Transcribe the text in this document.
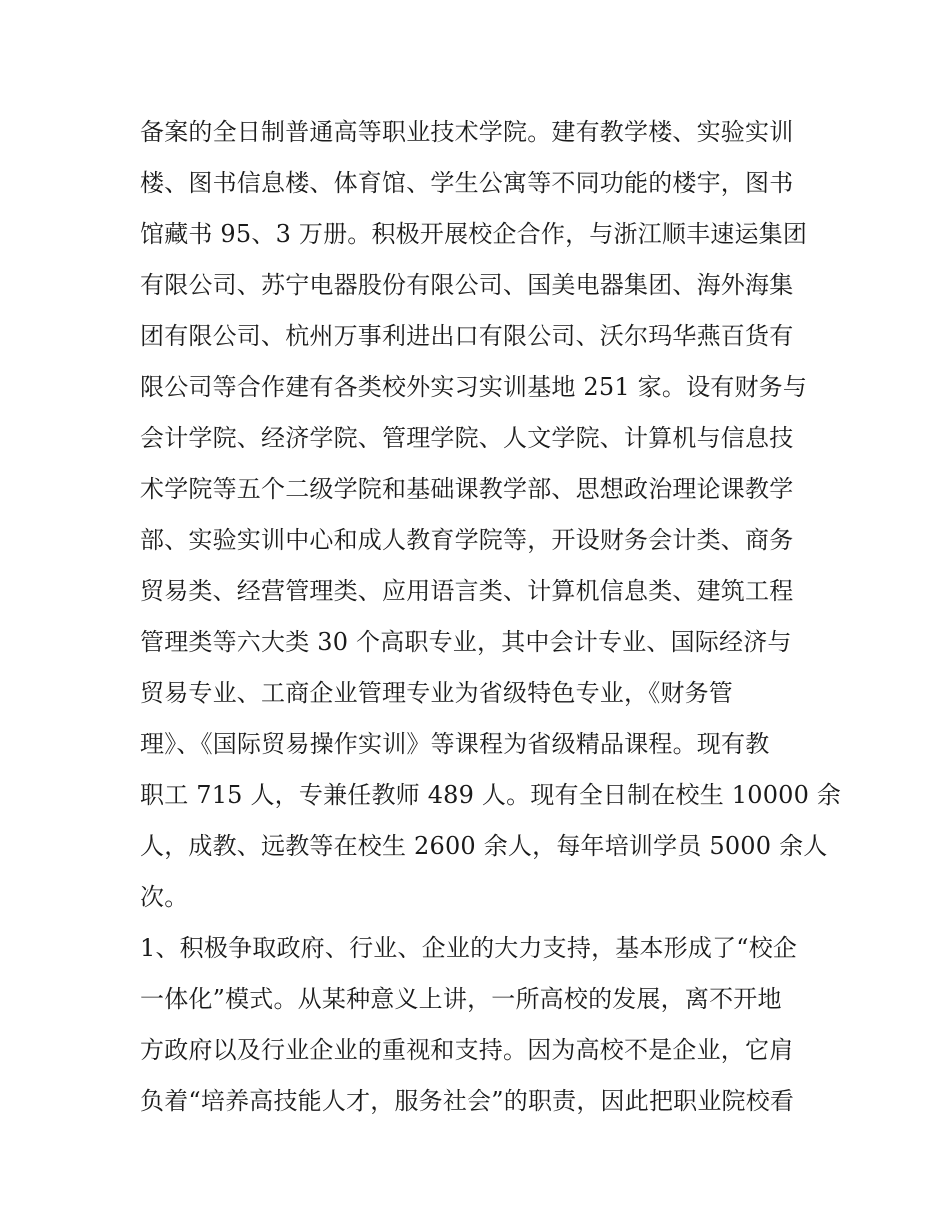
备案的全日制普通高等职业技术学院。建有教学楼、实验实训
楼、图书信息楼、体育馆、学生公寓等不同功能的楼宇，图书
馆藏书 95、3 万册。积极开展校企合作，与浙江顺丰速运集团
有限公司、苏宁电器股份有限公司、国美电器集团、海外海集
团有限公司、杭州万事利进出口有限公司、沃尔玛华燕百货有
限公司等合作建有各类校外实习实训基地 251 家。设有财务与
会计学院、经济学院、管理学院、人文学院、计算机与信息技
术学院等五个二级学院和基础课教学部、思想政治理论课教学
部、实验实训中心和成人教育学院等，开设财务会计类、商务
贸易类、经营管理类、应用语言类、计算机信息类、建筑工程
管理类等六大类 30 个高职专业，其中会计专业、国际经济与
贸易专业、工商企业管理专业为省级特色专业，《财务管
理》、《国际贸易操作实训》等课程为省级精品课程。现有教
职工 715 人，专兼任教师 489 人。现有全日制在校生 10000 余
人，成教、远教等在校生 2600 余人，每年培训学员 5000 余人
次。
1、积极争取政府、行业、企业的大力支持，基本形成了“校企
一体化”模式。从某种意义上讲，一所高校的发展，离不开地
方政府以及行业企业的重视和支持。因为高校不是企业，它肩
负着“培养高技能人才，服务社会”的职责，因此把职业院校看
